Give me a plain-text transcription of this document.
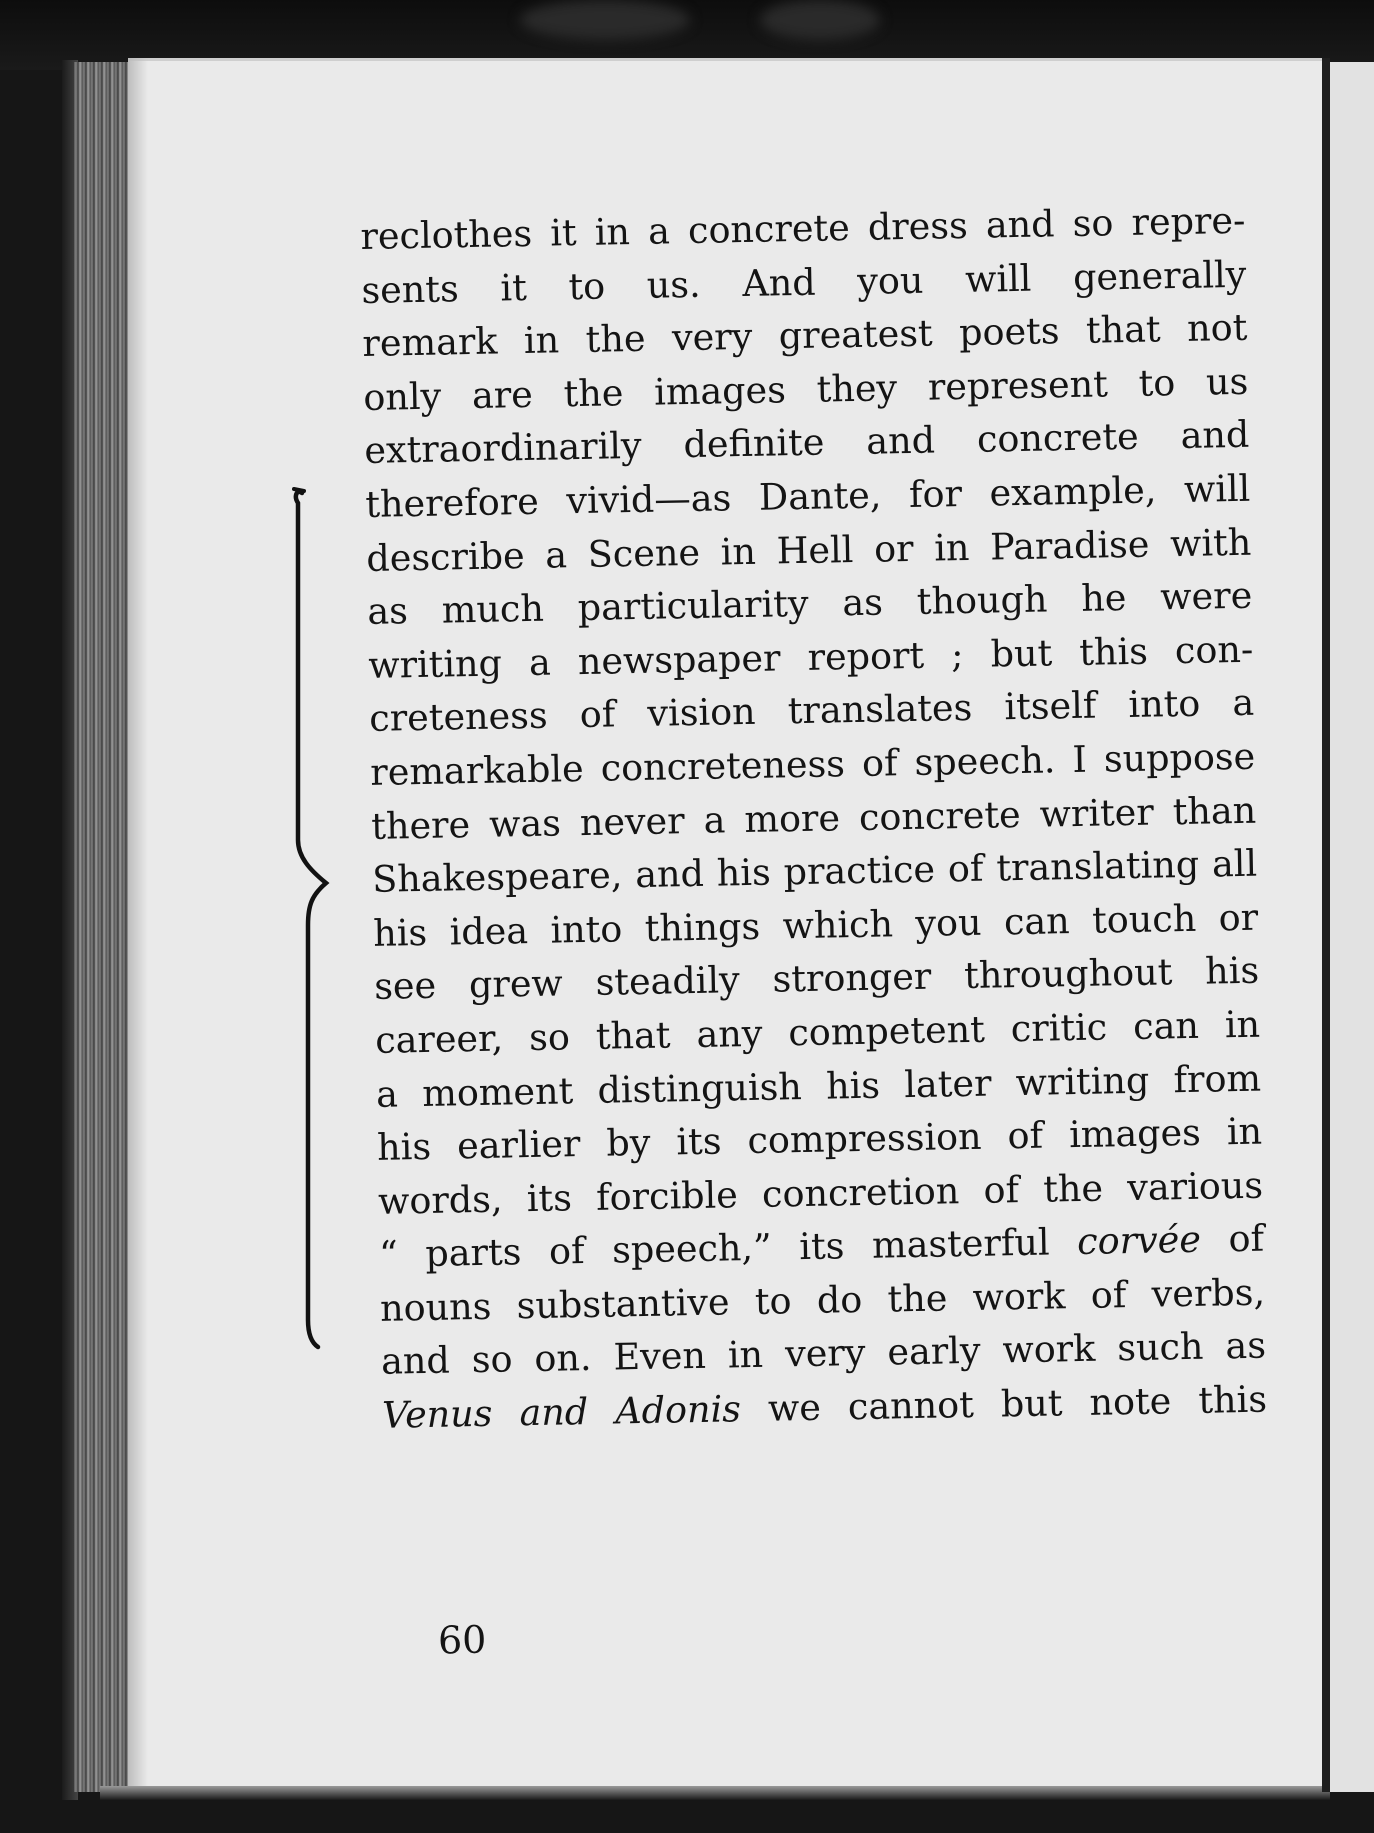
reclothes it in a concrete dress and so repre-
sents it to us. And you will generally
remark in the very greatest poets that not
only are the images they represent to us
extraordinarily definite and concrete and
therefore vivid—as Dante, for example, will
describe a Scene in Hell or in Paradise with
as much particularity as though he were
writing a newspaper report ; but this con-
creteness of vision translates itself into a
remarkable concreteness of speech. I suppose
there was never a more concrete writer than
Shakespeare, and his practice of translating all
his idea into things which you can touch or
see grew steadily stronger throughout his
career, so that any competent critic can in
a moment distinguish his later writing from
his earlier by its compression of images in
words, its forcible concretion of the various
“ parts of speech,” its masterful corvée of
nouns substantive to do the work of verbs,
and so on. Even in very early work such as
Venus and Adonis we cannot but note this
60
